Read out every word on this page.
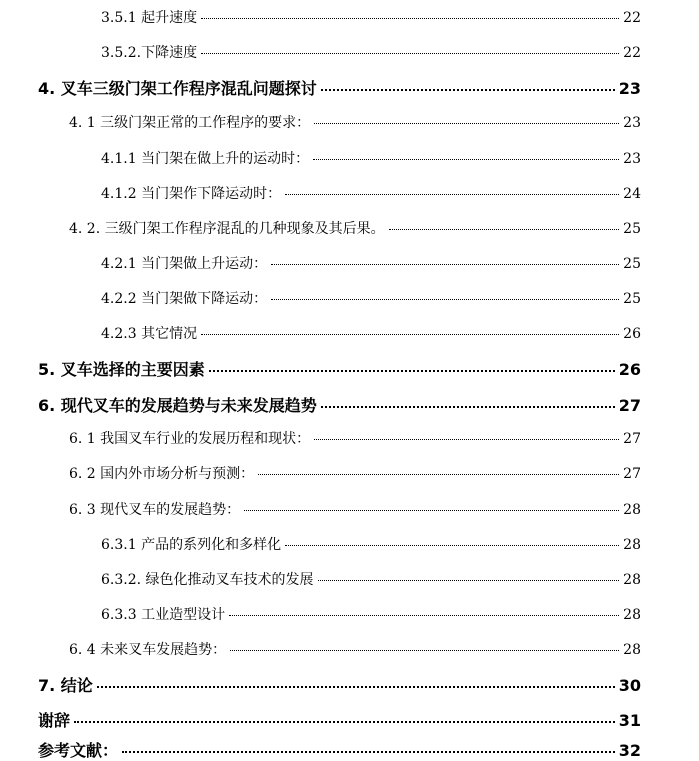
3.5.1 起升速度	22
3.5.2.下降速度	22
4. 叉车三级门架工作程序混乱问题探讨	23
4. 1 三级门架正常的工作程序的要求：	23
4.1.1 当门架在做上升的运动时：	23
4.1.2 当门架作下降运动时：	24
4. 2. 三级门架工作程序混乱的几种现象及其后果。	25
4.2.1 当门架做上升运动：	25
4.2.2 当门架做下降运动：	25
4.2.3 其它情况	26
5. 叉车选择的主要因素	26
6. 现代叉车的发展趋势与未来发展趋势	27
6. 1 我国叉车行业的发展历程和现状：	27
6. 2 国内外市场分析与预测：	27
6. 3 现代叉车的发展趋势：	28
6.3.1 产品的系列化和多样化	28
6.3.2. 绿色化推动叉车技术的发展	28
6.3.3 工业造型设计	28
6. 4 未来叉车发展趋势：	28
7. 结论	30
谢辞	31
参考文献：	32
